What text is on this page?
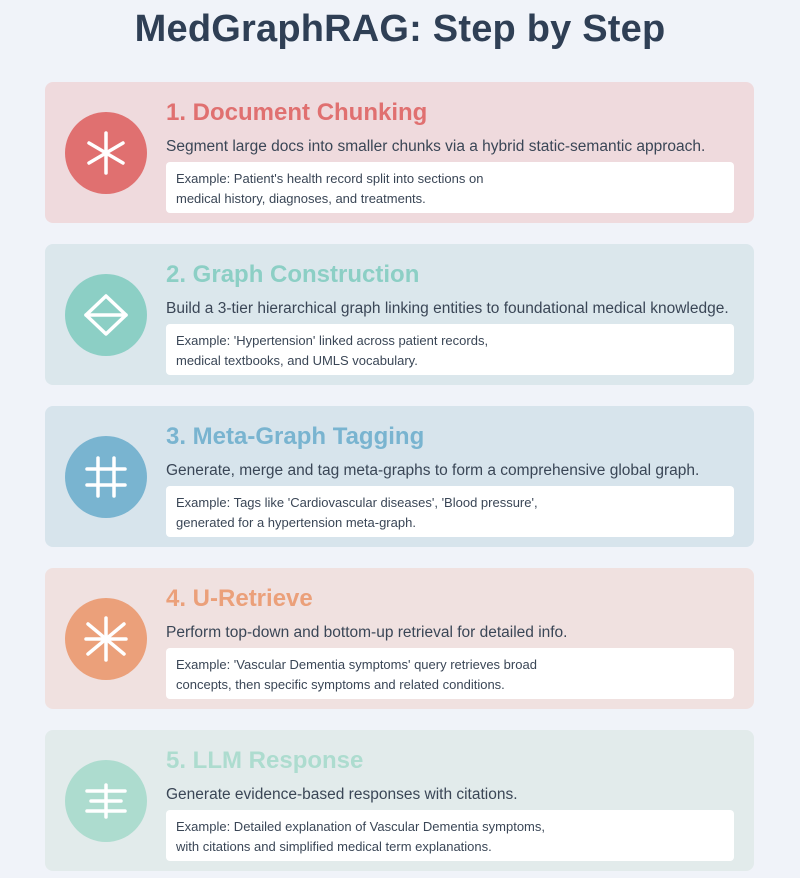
MedGraphRAG: Step by Step
1. Document Chunking
Segment large docs into smaller chunks via a hybrid static-semantic approach.
Example: Patient's health record split into sections on
medical history, diagnoses, and treatments.
2. Graph Construction
Build a 3-tier hierarchical graph linking entities to foundational medical knowledge.
Example: 'Hypertension' linked across patient records,
medical textbooks, and UMLS vocabulary.
3. Meta-Graph Tagging
Generate, merge and tag meta-graphs to form a comprehensive global graph.
Example: Tags like 'Cardiovascular diseases', 'Blood pressure',
generated for a hypertension meta-graph.
4. U-Retrieve
Perform top-down and bottom-up retrieval for detailed info.
Example: 'Vascular Dementia symptoms' query retrieves broad
concepts, then specific symptoms and related conditions.
5. LLM Response
Generate evidence-based responses with citations.
Example: Detailed explanation of Vascular Dementia symptoms,
with citations and simplified medical term explanations.
